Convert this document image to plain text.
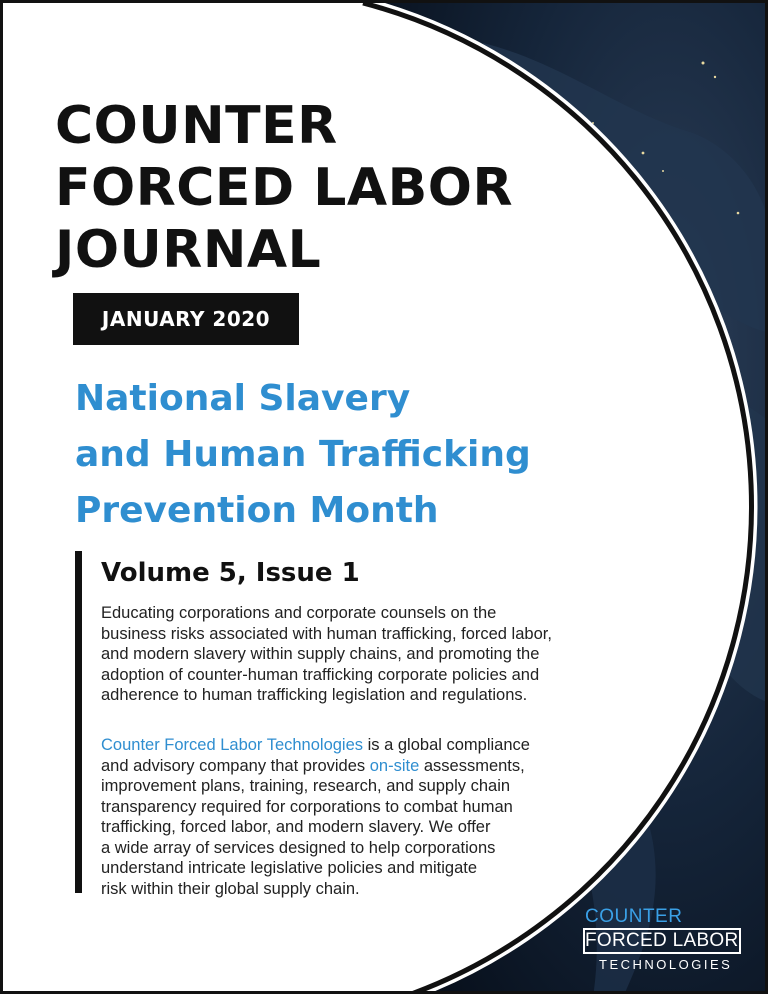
COUNTER
FORCED LABOR
JOURNAL
JANUARY 2020
National Slavery
and Human Trafficking
Prevention Month
Volume 5, Issue 1

Educating corporations and corporate counsels on the
business risks associated with human trafficking, forced labor,
and modern slavery within supply chains, and promoting the
adoption of counter-human trafficking corporate policies and
adherence to human trafficking legislation and regulations.

Counter Forced Labor Technologies is a global compliance
and advisory company that provides on-site assessments,
improvement plans, training, research, and supply chain
transparency required for corporations to combat human
trafficking, forced labor, and modern slavery. We offer
a wide array of services designed to help corporations
understand intricate legislative policies and mitigate
risk within their global supply chain.

COUNTER
FORCED LABOR
TECHNOLOGIES
